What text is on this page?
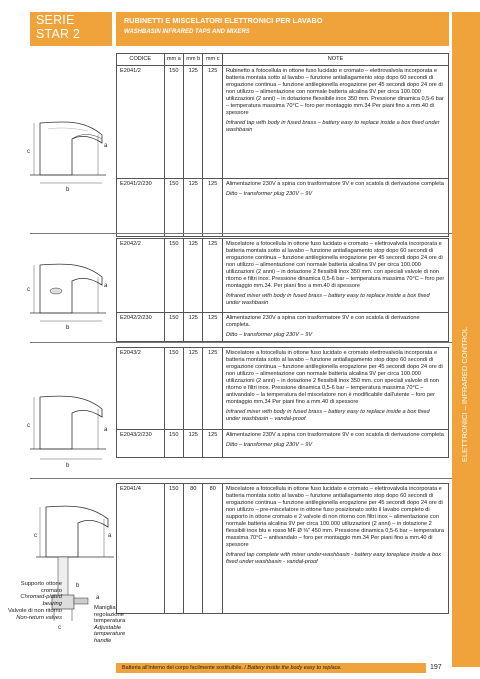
SERIE
STAR 2
RUBINETTI E MISCELATORI ELETTRONICI PER LAVABO
WASHBASIN INFRARED TAPS AND MIXERS
ELETTRONICI – INFRARED CONTROL
CODICE	mm a	mm b	mm c	NOTE
E2041/2	150	125	125	Rubinetto a fotocellula in ottone fuso lucidato e cromato – elettrovalvola incorporata e batteria montata sotto al lavabo – funzione antiallagamento stop dopo 60 secondi di erogazione continua – funzione antilegionella erogazione per 45 secondi dopo 24 ore di non utilizzo – alimentazione con normale batteria alcalina 9V per circa 100.000 utilizzazioni (2 anni) – in dotazione flessibile inox 350 mm. Pressione dinamica 0,5-6 bar – temperatura massima 70°C – foro per montaggio mm.34 Per piani fino a mm.40 di spessore
Infrared tap with body in fused brass – battery easy to replace inside a box fixed under washbasin

E2041/2/230	150	125	125	Alimentazione 230V a spina con trasformatore 9V e con scatola di derivazione completa
Ditto – transformer plug 230V – 9V
E2042/2	150	125	125	Miscelatore a fotocellula in ottone fuso lucidato e cromato – elettrovalvola incorporata e batteria montata sotto al lavabo – funzione antiallagamento stop dopo 60 secondi di erogazione continua – funzione antilegionella erogazione per 45 secondi dopo 24 ore di non utilizzo – alimentazione con normale batteria alcalina 9V per circa 100.000 utilizzazioni (2 anni) – in dotazione 2 flessibili inox 350 mm. con speciali valvole di non ritorno e filtri inox. Pressione dinamica 0,5-6 bar – temperatura massima 70°C – foro per montaggio mm.34. Per piani fino a mm.40 di spessore
Infrared mixer with body in fused brass – battery easy to replace inside a box fixed under washbasin

E2042/2/230	150	125	125	Alimentazione 230V a spina con trasformatore 9V e con scatola di derivazione completa.
Ditto – transformer plug 230V – 9V
E2043/2	150	125	125	Miscelatore a fotocellula in ottone fuso lucidato e cromato elettrovalvola incorporata e batteria montata sotto al lavabo – funzione antiallagamento stop dopo 60 secondi di erogazione continua – funzione antilegionella erogazione per 45 secondi dopo 24 ore di non utilizzo – alimentazione con normale batteria alcalina 9V per circa 100.000 utilizzazioni (2 anni) – in dotazione 2 flessibili inox 350 mm. con speciali valvole di non ritorno e filtri inox. Pressione dinamica 0,5-6 bar – temperatura massima 70°C – antivandalo – la temperatura del miscelatore non è modificabile dall'utente – foro per montaggio mm.34 Per piani fino a mm.40 di spessore
Infrared mixer with body in fused brass – battery easy to replace inside a box fixed under washbasin – vandal-proof

E2043/2/230	150	125	125	Alimentazione 230V a spina con trasformatore 9V e con scatola di derivazione completa
Ditto – transformer plug 230V – 9V
E2041/4	150	80	80	Miscelatore a fotocellula in ottone fuso lucidato e cromato – elettrovalvola incorporata e batteria montata sotto al lavabo – funzione antiallagamento stop dopo 60 secondi di erogazione continua – funzione antilegionella erogazione per 45 secondi dopo 24 ore di non utilizzo – pre-miscelatore in ottone fuso posizionato sotto il lavabo completo di supporto in ottone cromato e 2 valvole di non ritorno con filtri inox – alimentazione con normale batteria alcalina 9V per circa 100.000 utilizzazioni (2 anni) – in dotazione 2 flessibili inox blu e rosso MF Ø ⅜" 450 mm. Pressione dinamica 0,5-6 bar – temperatura massima 70°C – antivandalo – foro per montaggio mm.34 Per piani fino a mm.40 di spessore
Infrared tap complete with mixer under-washbasin - battery easy toreplace inside a box fixed under washbasin - vandal-proof
c
a
b
c
a
b
c
a
b
c	a
b
a
c
Supporto ottone cromato
Chromed-plated bearing
Valvole di non ritorno
Non-return valves
Maniglia regolazione temperatura
Adjustable temperature handle
Batteria all'interno del corpo facilmente sostituibile. / Battery inside the body easy to replace.	197
